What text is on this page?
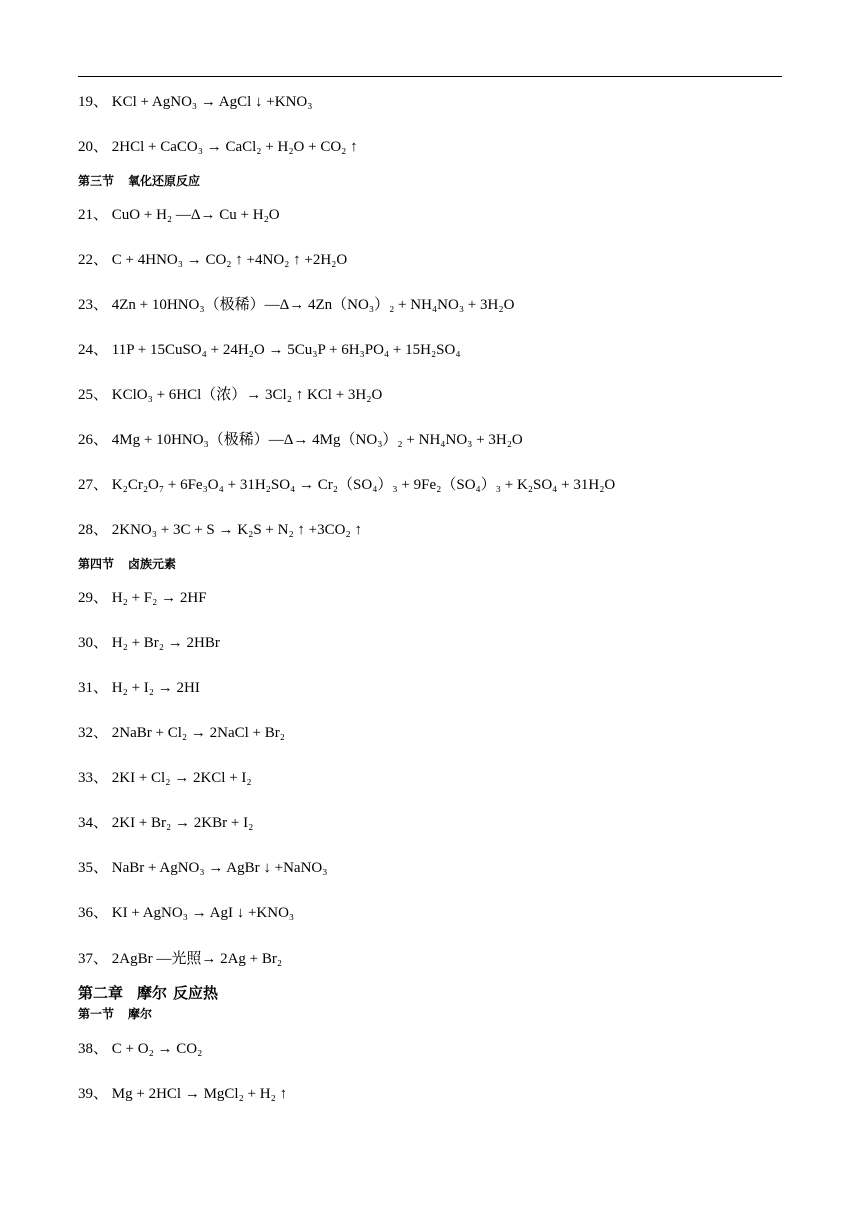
19、 KCl + AgNO₃ → AgCl ↓ +KNO₃
20、 2HCl + CaCO₃ → CaCl₂ + H₂O + CO₂ ↑
第三节 氧化还原反应
21、 CuO + H₂ —Δ→ Cu + H₂O
22、 C + 4HNO₃ → CO₂ ↑ +4NO₂ ↑ +2H₂O
23、 4Zn + 10HNO₃（极稀）—Δ→ 4Zn（NO₃）₂ + NH₄NO₃ + 3H₂O
24、 11P + 15CuSO₄ + 24H₂O → 5Cu₃P + 6H₃PO₄ + 15H₂SO₄
25、 KClO₃ + 6HCl（浓）→ 3Cl₂ ↑ KCl + 3H₂O
26、 4Mg + 10HNO₃（极稀）—Δ→ 4Mg（NO₃）₂ + NH₄NO₃ + 3H₂O
27、 K₂Cr₂O₇ + 6Fe₃O₄ + 31H₂SO₄ → Cr₂（SO₄）₃ + 9Fe₂（SO₄）₃ + K₂SO₄ + 31H₂O
28、 2KNO₃ + 3C + S → K₂S + N₂ ↑ +3CO₂ ↑
第四节 卤族元素
29、 H₂ + F₂ → 2HF
30、 H₂ + Br₂ → 2HBr
31、 H₂ + I₂ → 2HI
32、 2NaBr + Cl₂ → 2NaCl + Br₂
33、 2KI + Cl₂ → 2KCl + I₂
34、 2KI + Br₂ → 2KBr + I₂
35、 NaBr + AgNO₃ → AgBr ↓ +NaNO₃
36、 KI + AgNO₃ → AgI ↓ +KNO₃
37、 2AgBr —光照→ 2Ag + Br₂
第二章 摩尔 反应热
第一节 摩尔
38、 C + O₂ → CO₂
39、 Mg + 2HCl → MgCl₂ + H₂ ↑
